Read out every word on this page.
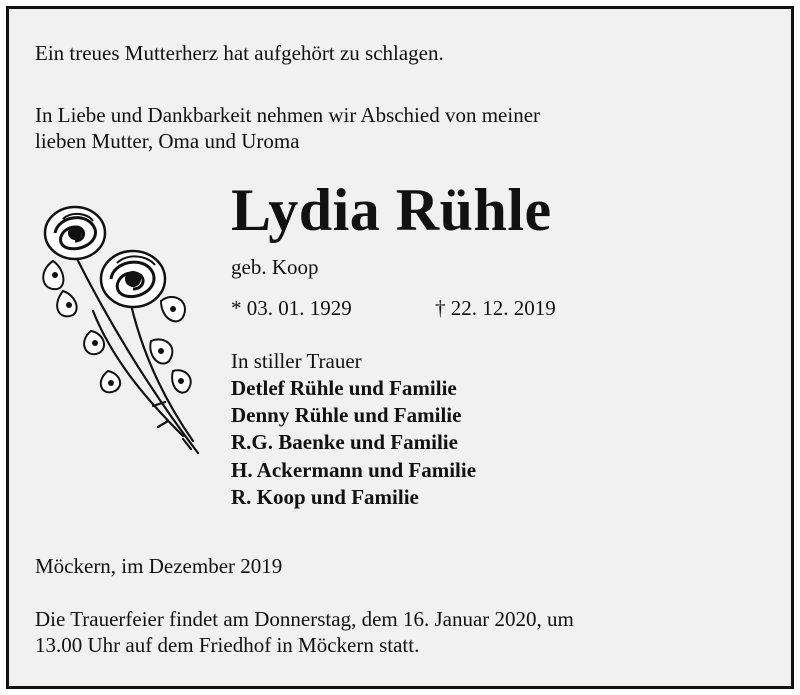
Ein treues Mutterherz hat aufgehört zu schlagen.
In Liebe und Dankbarkeit nehmen wir Abschied von meiner
lieben Mutter, Oma und Uroma
Lydia Rühle
geb. Koop
* 03. 01. 1929	† 22. 12. 2019
In stiller Trauer
Detlef Rühle und Familie
Denny Rühle und Familie
R.G. Baenke und Familie
H. Ackermann und Familie
R. Koop und Familie
Möckern, im Dezember 2019
Die Trauerfeier findet am Donnerstag, dem 16. Januar 2020, um
13.00 Uhr auf dem Friedhof in Möckern statt.
